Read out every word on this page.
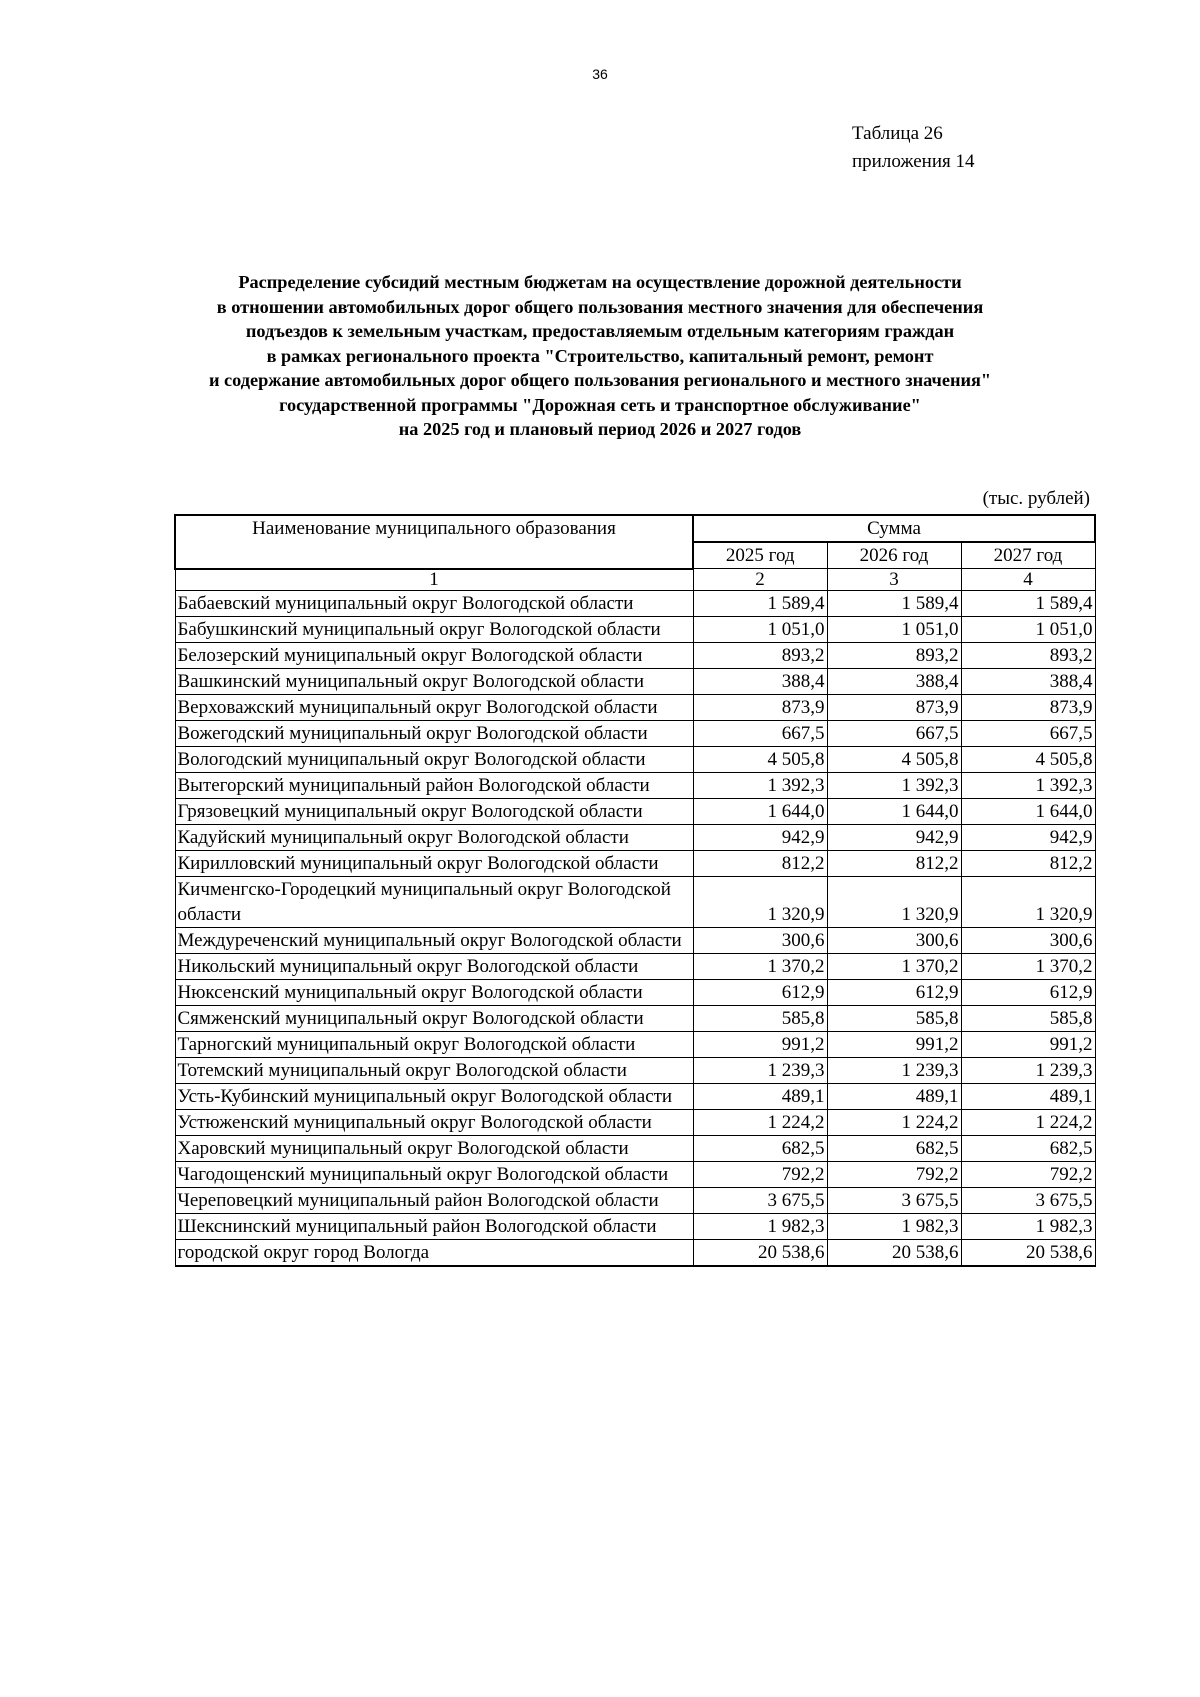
36
Таблица 26
приложения 14
Распределение субсидий местным бюджетам на осуществление дорожной деятельности
в отношении автомобильных дорог общего пользования местного значения для обеспечения
подъездов к земельным участкам, предоставляемым отдельным категориям граждан
в рамках регионального проекта "Строительство, капитальный ремонт, ремонт
и содержание автомобильных дорог общего пользования регионального и местного значения"
государственной программы "Дорожная сеть и транспортное обслуживание"
на 2025 год и плановый период 2026 и 2027 годов
(тыс. рублей)
Наименование муниципального образования	Сумма		
	2025 год	2026 год	2027 год
1	2	3	4
Бабаевский муниципальный округ Вологодской области	1 589,4	1 589,4	1 589,4
Бабушкинский муниципальный округ Вологодской области	1 051,0	1 051,0	1 051,0
Белозерский муниципальный округ Вологодской области	893,2	893,2	893,2
Вашкинский муниципальный округ Вологодской области	388,4	388,4	388,4
Верховажский муниципальный округ Вологодской области	873,9	873,9	873,9
Вожегодский муниципальный округ Вологодской области	667,5	667,5	667,5
Вологодский муниципальный округ Вологодской области	4 505,8	4 505,8	4 505,8
Вытегорский муниципальный район Вологодской области	1 392,3	1 392,3	1 392,3
Грязовецкий муниципальный округ Вологодской области	1 644,0	1 644,0	1 644,0
Кадуйский муниципальный округ Вологодской области	942,9	942,9	942,9
Кирилловский муниципальный округ Вологодской области	812,2	812,2	812,2
Кичменгско-Городецкий муниципальный округ Вологодской области	1 320,9	1 320,9	1 320,9
Междуреченский муниципальный округ Вологодской области	300,6	300,6	300,6
Никольский муниципальный округ Вологодской области	1 370,2	1 370,2	1 370,2
Нюксенский муниципальный округ Вологодской области	612,9	612,9	612,9
Сямженский муниципальный округ Вологодской области	585,8	585,8	585,8
Тарногский муниципальный округ Вологодской области	991,2	991,2	991,2
Тотемский муниципальный округ Вологодской области	1 239,3	1 239,3	1 239,3
Усть-Кубинский муниципальный округ Вологодской области	489,1	489,1	489,1
Устюженский муниципальный округ Вологодской области	1 224,2	1 224,2	1 224,2
Харовский муниципальный округ Вологодской области	682,5	682,5	682,5
Чагодощенский муниципальный округ Вологодской области	792,2	792,2	792,2
Череповецкий муниципальный район Вологодской области	3 675,5	3 675,5	3 675,5
Шекснинский муниципальный район Вологодской области	1 982,3	1 982,3	1 982,3
городской округ город Вологда	20 538,6	20 538,6	20 538,6
